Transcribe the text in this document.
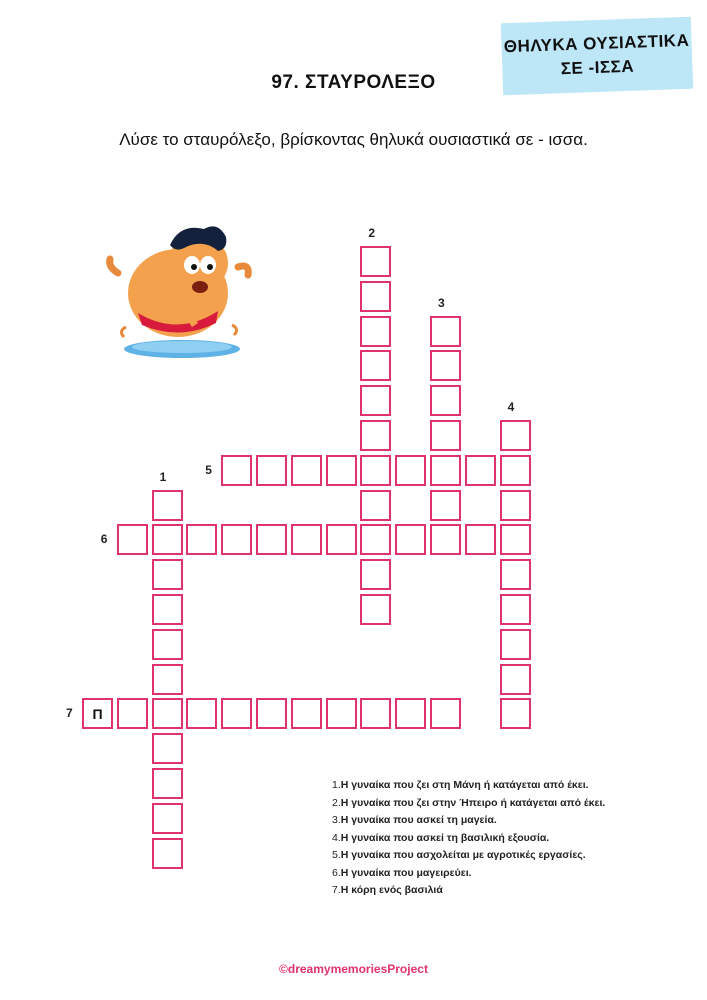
ΘΗΛΥΚΑ ΟΥΣΙΑΣΤΙΚΑ
ΣΕ -ΙΣΣΑ
97. ΣΤΑΥΡΟΛΕΞΟ
Λύσε το σταυρόλεξο, βρίσκοντας θηλυκά ουσιαστικά σε - ισσα.
1
2
3
4
5
6
Π
7
1.Η γυναίκα που ζει στη Μάνη ή κατάγεται από έκει.
2.Η γυναίκα που ζει στην Ήπειρο ή κατάγεται από έκει.
3.Η γυναίκα που ασκεί τη μαγεία.
4.Η γυναίκα που ασκεί τη βασιλική εξουσία.
5.Η γυναίκα που ασχολείται με αγροτικές εργασίες.
6.Η γυναίκα που μαγειρεύει.
7.Η κόρη ενός βασιλιά
©dreamymemoriesProject
